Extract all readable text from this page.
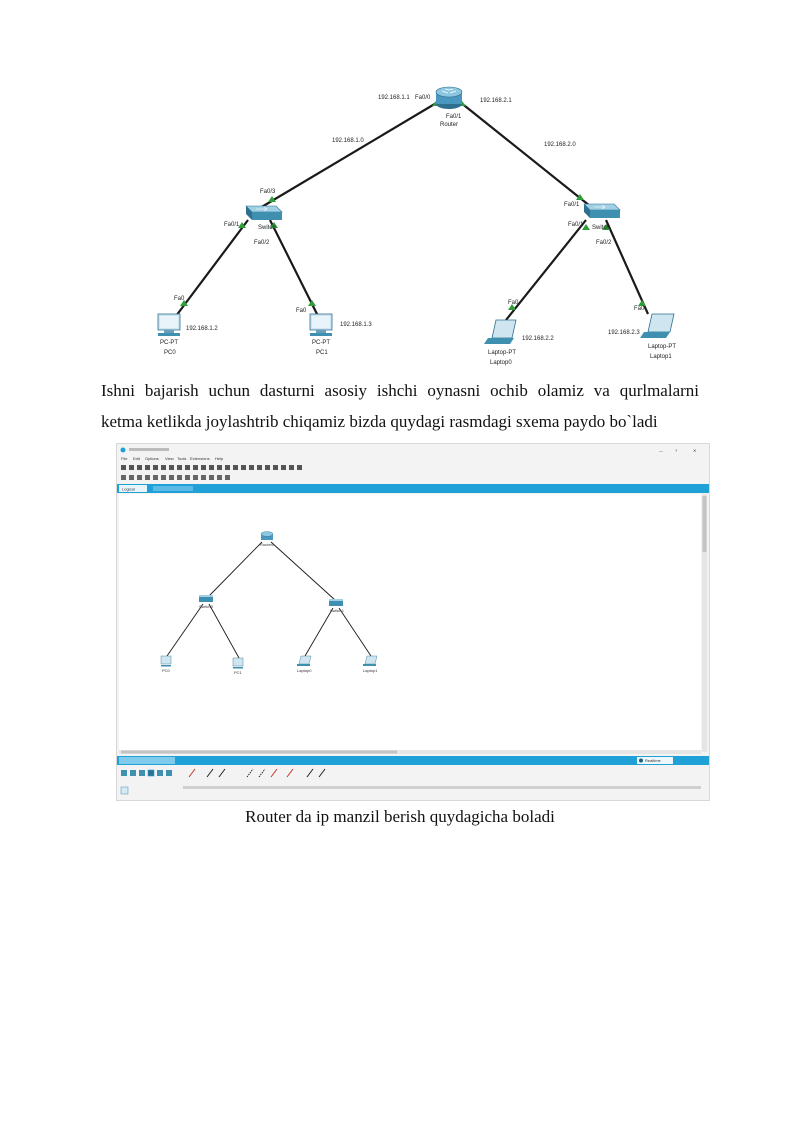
192.168.1.1 Fa0/0	192.168.2.1
Fa0/1
Router
192.168.1.0
192.168.2.0
Fa0/3
Fa0/1	Switch
Fa0/2
Fa0/1
Fa0/1 Switch
Fa0/2
Fa0
192.168.1.2
PC-PT
PC0
Fa0
192.168.1.3
PC-PT
PC1
Fa0
192.168.2.2
Laptop-PT
Laptop0
Fa0
192.168.2.3
Laptop-PT
Laptop1
Ishni bajarish uchun dasturni asosiy ishchi oynasni ochib olamiz va qurlmalarni
ketma ketlikda joylashtrib chiqamiz bizda quydagi rasmdagi sxema paydo bo`ladi
—	?	✕
File Edit Options View Tools Extensions Help
Logical
Router0
Switch0
Switch1
PC0	PC1	Laptop0	Laptop1
Realtime
Router da ip manzil berish quydagicha boladi
